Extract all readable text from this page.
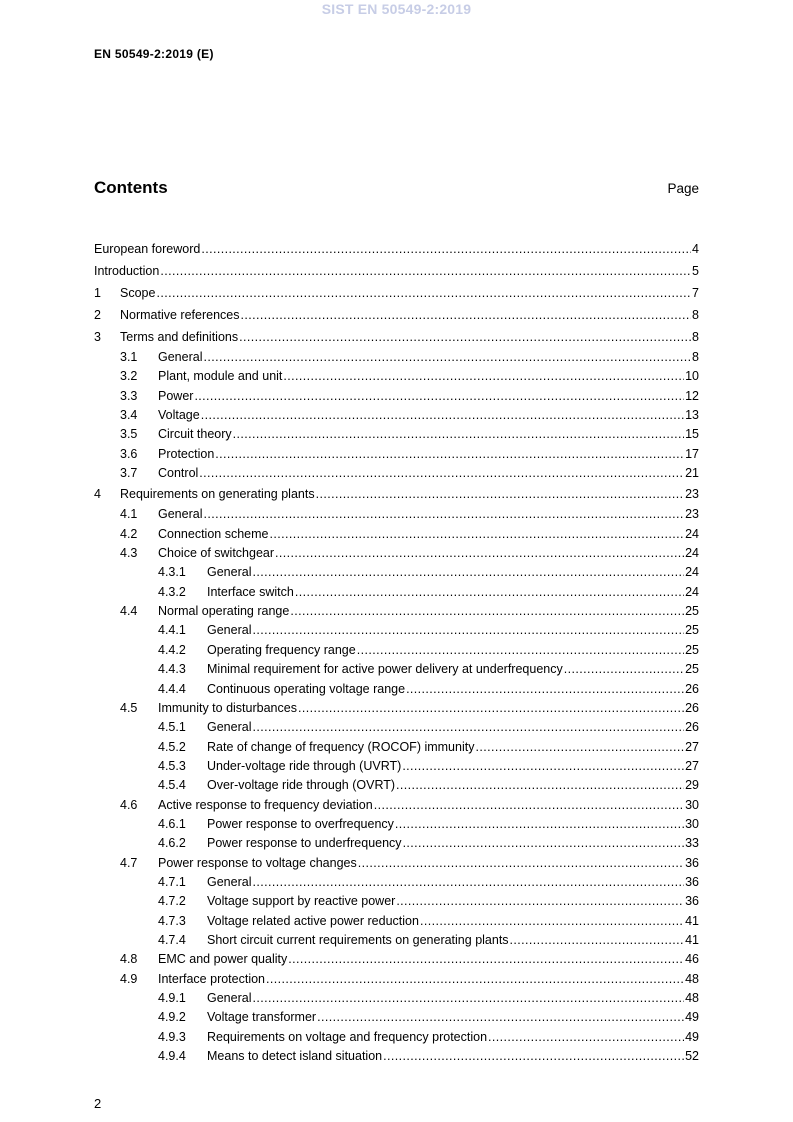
SIST EN 50549-2:2019
EN 50549-2:2019 (E)
Contents	Page
European foreword .....	4
Introduction .....	5
1	Scope .....	7
2	Normative references .....	8
3	Terms and definitions .....	8
3.1	General .....	8
3.2	Plant, module and unit .....	10
3.3	Power .....	12
3.4	Voltage .....	13
3.5	Circuit theory .....	15
3.6	Protection .....	17
3.7	Control .....	21
4	Requirements on generating plants .....	23
4.1	General .....	23
4.2	Connection scheme .....	24
4.3	Choice of switchgear .....	24
4.3.1	General .....	24
4.3.2	Interface switch .....	24
4.4	Normal operating range .....	25
4.4.1	General .....	25
4.4.2	Operating frequency range .....	25
4.4.3	Minimal requirement for active power delivery at underfrequency .....	25
4.4.4	Continuous operating voltage range .....	26
4.5	Immunity to disturbances .....	26
4.5.1	General .....	26
4.5.2	Rate of change of frequency (ROCOF) immunity .....	27
4.5.3	Under-voltage ride through (UVRT) .....	27
4.5.4	Over-voltage ride through (OVRT) .....	29
4.6	Active response to frequency deviation .....	30
4.6.1	Power response to overfrequency .....	30
4.6.2	Power response to underfrequency .....	33
4.7	Power response to voltage changes .....	36
4.7.1	General .....	36
4.7.2	Voltage support by reactive power .....	36
4.7.3	Voltage related active power reduction .....	41
4.7.4	Short circuit current requirements on generating plants .....	41
4.8	EMC and power quality .....	46
4.9	Interface protection .....	48
4.9.1	General .....	48
4.9.2	Voltage transformer .....	49
4.9.3	Requirements on voltage and frequency protection .....	49
4.9.4	Means to detect island situation .....	52
2
